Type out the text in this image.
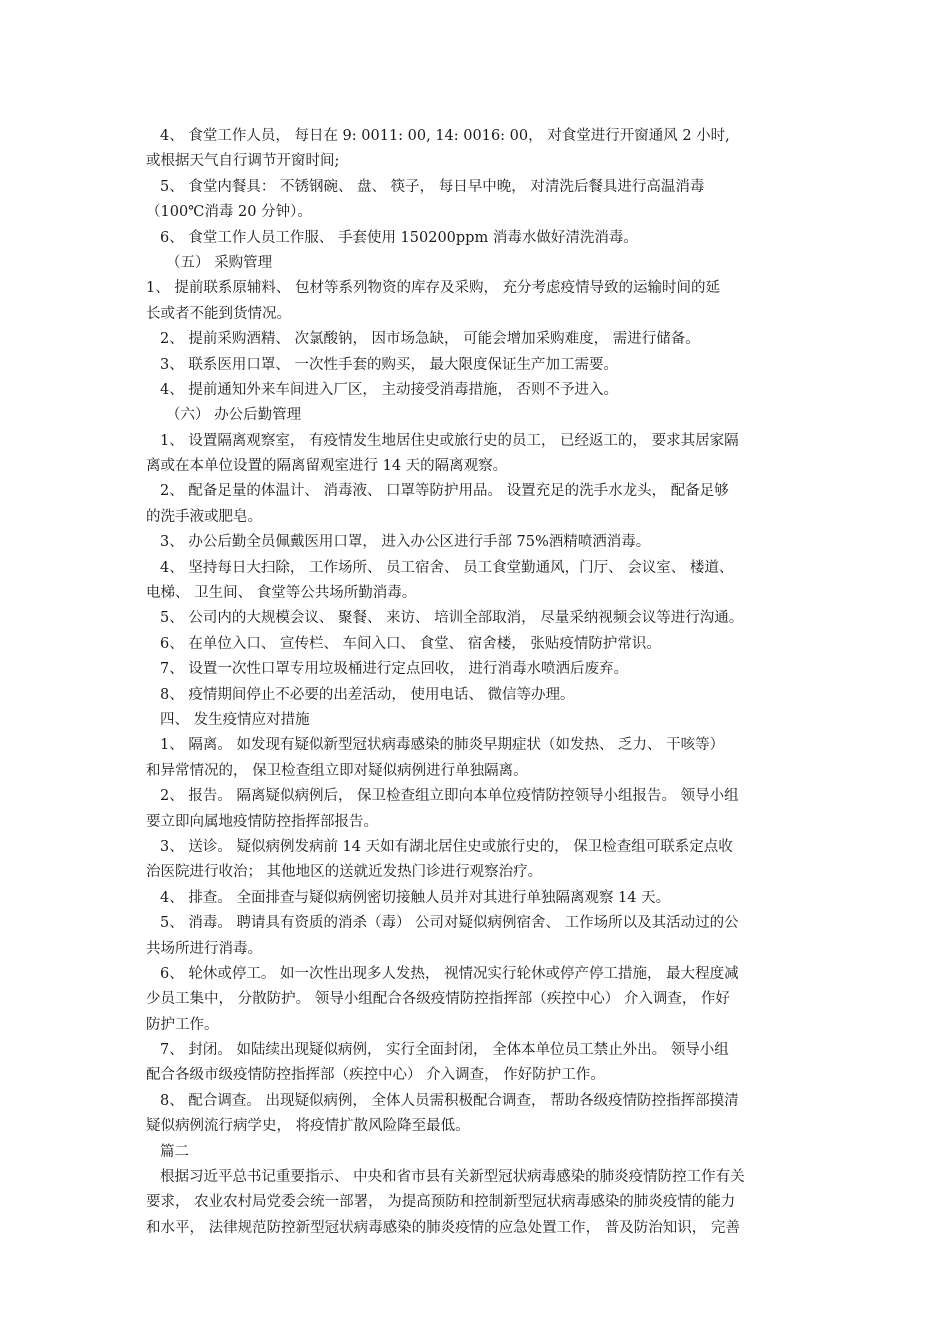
4、 食堂工作人员， 每日在 9: 0011: 00, 14: 0016: 00， 对食堂进行开窗通风 2 小时,
或根据天气自行调节开窗时间;
5、 食堂内餐具： 不锈钢碗、 盘、 筷子， 每日早中晚， 对清洗后餐具进行高温消毒
（100℃消毒 20 分钟）。
6、 食堂工作人员工作服、 手套使用 150200ppm 消毒水做好清洗消毒。
（五） 采购管理
1、 提前联系原辅料、 包材等系列物资的库存及采购， 充分考虑疫情导致的运输时间的延
长或者不能到货情况。
2、 提前采购酒精、 次氯酸钠， 因市场急缺， 可能会增加采购难度， 需进行储备。
3、 联系医用口罩、 一次性手套的购买， 最大限度保证生产加工需要。
4、 提前通知外来车间进入厂区， 主动接受消毒措施， 否则不予进入。
（六） 办公后勤管理
1、 设置隔离观察室， 有疫情发生地居住史或旅行史的员工， 已经返工的， 要求其居家隔
离或在本单位设置的隔离留观室进行 14 天的隔离观察。
2、 配备足量的体温计、 消毒液、 口罩等防护用品。 设置充足的洗手水龙头， 配备足够
的洗手液或肥皂。
3、 办公后勤全员佩戴医用口罩， 进入办公区进行手部 75%酒精喷洒消毒。
4、 坚持每日大扫除， 工作场所、 员工宿舍、 员工食堂勤通风，门厅、 会议室、 楼道、
电梯、 卫生间、 食堂等公共场所勤消毒。
5、 公司内的大规模会议、 聚餐、 来访、 培训全部取消， 尽量采纳视频会议等进行沟通。
6、 在单位入口、 宣传栏、 车间入口、 食堂、 宿舍楼， 张贴疫情防护常识。
7、 设置一次性口罩专用垃圾桶进行定点回收， 进行消毒水喷洒后废弃。
8、 疫情期间停止不必要的出差活动， 使用电话、 微信等办理。
四、 发生疫情应对措施
1、 隔离。 如发现有疑似新型冠状病毒感染的肺炎早期症状（如发热、 乏力、 干咳等）
和异常情况的， 保卫检查组立即对疑似病例进行单独隔离。
2、 报告。 隔离疑似病例后， 保卫检查组立即向本单位疫情防控领导小组报告。 领导小组
要立即向属地疫情防控指挥部报告。
3、 送诊。 疑似病例发病前 14 天如有湖北居住史或旅行史的， 保卫检查组可联系定点收
治医院进行收治； 其他地区的送就近发热门诊进行观察治疗。
4、 排查。 全面排查与疑似病例密切接触人员并对其进行单独隔离观察 14 天。
5、 消毒。 聘请具有资质的消杀（毒） 公司对疑似病例宿舍、 工作场所以及其活动过的公
共场所进行消毒。
6、 轮休或停工。 如一次性出现多人发热， 视情况实行轮休或停产停工措施， 最大程度减
少员工集中， 分散防护。 领导小组配合各级疫情防控指挥部（疾控中心） 介入调查， 作好
防护工作。
7、 封闭。 如陆续出现疑似病例， 实行全面封闭， 全体本单位员工禁止外出。 领导小组
配合各级市级疫情防控指挥部（疾控中心） 介入调查， 作好防护工作。
8、 配合调查。 出现疑似病例， 全体人员需积极配合调查， 帮助各级疫情防控指挥部摸清
疑似病例流行病学史， 将疫情扩散风险降至最低。
篇二
根据习近平总书记重要指示、 中央和省市县有关新型冠状病毒感染的肺炎疫情防控工作有关
要求， 农业农村局党委会统一部署， 为提高预防和控制新型冠状病毒感染的肺炎疫情的能力
和水平， 法律规范防控新型冠状病毒感染的肺炎疫情的应急处置工作， 普及防治知识， 完善
